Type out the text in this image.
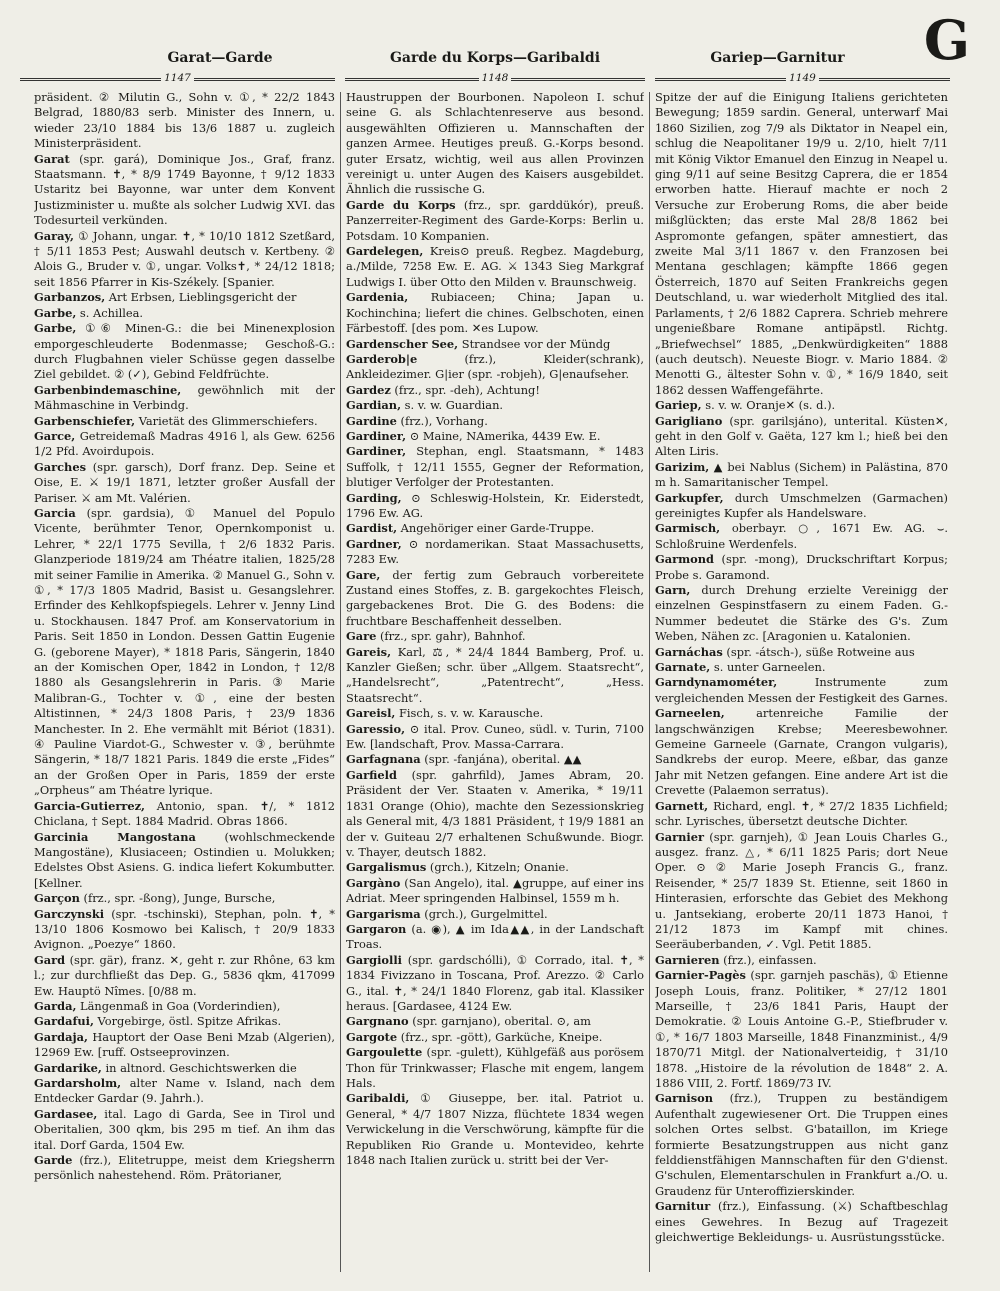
Garat—Garde	Garde du Korps—Garibaldi	Gariep—Garnitur
1147	1148	1149
G

präsident. ② Milutin G., Sohn v. ①, * 22/2 1843 Belgrad, 1880/83 serb. Minister des Innern, u. wieder 23/10 1884 bis 13/6 1887 u. zugleich Ministerpräsident.

Garat (spr. gará), Dominique Jos., Graf, franz. Staatsmann. ✝, * 8/9 1749 Bayonne, † 9/12 1833 Ustaritz bei Bayonne, war unter dem Konvent Justizminister u. mußte als solcher Ludwig XVI. das Todesurteil verkünden.

Garay, ① Johann, ungar. ✝, * 10/10 1812 Szetßard, † 5/11 1853 Pest; Auswahl deutsch v. Kertbeny. ② Alois G., Bruder v. ①, ungar. Volks✝, * 24/12 1818; seit 1856 Pfarrer in Kis-Székely. [Spanier.

Garbanzos, Art Erbsen, Lieblingsgericht der

Garbe, s. Achillea.

Garbe, ①⑥ Minen-G.: die bei Minenexplosion emporgeschleuderte Bodenmasse; Geschoß-G.: durch Flugbahnen vieler Schüsse gegen dasselbe Ziel gebildet. ② (✓), Gebind Feldfrüchte.

Garbenbindemaschine, gewöhnlich mit der Mähmaschine in Verbindg.

Garbenschiefer, Varietät des Glimmerschiefers.

Garce, Getreidemaß Madras 4916 l, als Gew. 6256 1/2 Pfd. Avoirdupois.

Garches (spr. garsch), Dorf franz. Dep. Seine et Oise, E. ⚔ 19/1 1871, letzter großer Ausfall der Pariser. ⚔ am Mt. Valérien.

Garcia (spr. gardsia), ① Manuel del Populo Vicente, berühmter Tenor, Opernkomponist u. Lehrer, * 22/1 1775 Sevilla, † 2/6 1832 Paris. Glanzperiode 1819/24 am Théatre italien, 1825/28 mit seiner Familie in Amerika. ② Manuel G., Sohn v. ①, * 17/3 1805 Madrid, Basist u. Gesangslehrer. Erfinder des Kehlkopfspiegels. Lehrer v. Jenny Lind u. Stockhausen. 1847 Prof. am Konservatorium in Paris. Seit 1850 in London. Dessen Gattin Eugenie G. (geborene Mayer), * 1818 Paris, Sängerin, 1840 an der Komischen Oper, 1842 in London, † 12/8 1880 als Gesangslehrerin in Paris. ③ Marie Malibran-G., Tochter v. ①, eine der besten Altistinnen, * 24/3 1808 Paris, † 23/9 1836 Manchester. In 2. Ehe vermählt mit Bériot (1831). ④ Pauline Viardot-G., Schwester v. ③, berühmte Sängerin, * 18/7 1821 Paris. 1849 die erste „Fides“ an der Großen Oper in Paris, 1859 der erste „Orpheus“ am Théatre lyrique.

Garcia-Gutierrez, Antonio, span. ✝/, * 1812 Chiclana, † Sept. 1884 Madrid. Obras 1866.

Garcinia Mangostana (wohlschmeckende Mangostäne), Klusiaceen; Ostindien u. Molukken; Edelstes Obst Asiens. G. indica liefert Kokumbutter. [Kellner.

Garçon (frz., spr. -ßong), Junge, Bursche,

Garczynski (spr. -tschinski), Stephan, poln. ✝, * 13/10 1806 Kosmowo bei Kalisch, † 20/9 1833 Avignon. „Poezye“ 1860.

Gard (spr. gär), franz. ✕, geht r. zur Rhône, 63 km l.; zur durchfließt das Dep. G., 5836 qkm, 417099 Ew. Hauptö Nîmes. [0/88 m.

Garda, Längenmaß in Goa (Vorderindien),

Gardafui, Vorgebirge, östl. Spitze Afrikas.

Gardaja, Hauptort der Oase Beni Mzab (Algerien), 12969 Ew. [ruff. Ostseeprovinzen.

Gardarike, in altnord. Geschichtswerken die

Gardarsholm, alter Name v. Island, nach dem Entdecker Gardar (9. Jahrh.).

Gardasee, ital. Lago di Garda, See in Tirol und Oberitalien, 300 qkm, bis 295 m tief. An ihm das ital. Dorf Garda, 1504 Ew.

Garde (frz.), Elitetruppe, meist dem Kriegsherrn persönlich nahestehend. Röm. Prätorianer,

Haustruppen der Bourbonen. Napoleon I. schuf seine G. als Schlachtenreserve aus besond. ausgewählten Offizieren u. Mannschaften der ganzen Armee. Heutiges preuß. G.-Korps besond. guter Ersatz, wichtig, weil aus allen Provinzen vereinigt u. unter Augen des Kaisers ausgebildet. Ähnlich die russische G.

Garde du Korps (frz., spr. garddükór), preuß. Panzerreiter-Regiment des Garde-Korps: Berlin u. Potsdam. 10 Kompanien.

Gardelegen, Kreis⊙ preuß. Regbez. Magdeburg, a./Milde, 7258 Ew. E. AG. ⚔ 1343 Sieg Markgraf Ludwigs I. über Otto den Milden v. Braunschweig.

Gardenia, Rubiaceen; China; Japan u. Kochinchina; liefert die chines. Gelbschoten, einen Färbestoff. [des pom. ✕es Lupow.

Gardenscher See, Strandsee vor der Mündg

Garderob|e (frz.), Kleider(schrank), Ankleidezimer. G|ier (spr. -robjeh), G|enaufseher.

Gardez (frz., spr. -deh), Achtung!

Gardian, s. v. w. Guardian.

Gardine (frz.), Vorhang.

Gardiner, ⊙ Maine, NAmerika, 4439 Ew. E.

Gardiner, Stephan, engl. Staatsmann, * 1483 Suffolk, † 12/11 1555, Gegner der Reformation, blutiger Verfolger der Protestanten.

Garding, ⊙ Schleswig-Holstein, Kr. Eiderstedt, 1796 Ew. AG.

Gardist, Angehöriger einer Garde-Truppe.

Gardner, ⊙ nordamerikan. Staat Massachusetts, 7283 Ew.

Gare, der fertig zum Gebrauch vorbereitete Zustand eines Stoffes, z. B. gargekochtes Fleisch, gargebackenes Brot. Die G. des Bodens: die fruchtbare Beschaffenheit desselben.

Gare (frz., spr. gahr), Bahnhof.

Gareis, Karl, ⚖, * 24/4 1844 Bamberg, Prof. u. Kanzler Gießen; schr. über „Allgem. Staatsrecht“, „Handelsrecht“, „Patentrecht“, „Hess. Staatsrecht“.

Gareisl, Fisch, s. v. w. Karausche.

Garessio, ⊙ ital. Prov. Cuneo, südl. v. Turin, 7100 Ew. [landschaft, Prov. Massa-Carrara.

Garfagnana (spr. -fanjána), oberital. ▲▲

Garfield (spr. gahrfild), James Abram, 20. Präsident der Ver. Staaten v. Amerika, * 19/11 1831 Orange (Ohio), machte den Sezessionskrieg als General mit, 4/3 1881 Präsident, † 19/9 1881 an der v. Guiteau 2/7 erhaltenen Schußwunde. Biogr. v. Thayer, deutsch 1882.

Gargalismus (grch.), Kitzeln; Onanie.

Gargàno (San Angelo), ital. ▲gruppe, auf einer ins Adriat. Meer springenden Halbinsel, 1559 m h.

Gargarisma (grch.), Gurgelmittel.

Gargaron (a. ◉), ▲ im Ida▲▲, in der Landschaft Troas.

Gargiolli (spr. gardschólli), ① Corrado, ital. ✝, * 1834 Fivizzano in Toscana, Prof. Arezzo. ② Carlo G., ital. ✝, * 24/1 1840 Florenz, gab ital. Klassiker heraus. [Gardasee, 4124 Ew.

Gargnano (spr. garnjano), oberital. ⊙, am

Gargote (frz., spr. -gött), Garküche, Kneipe.

Gargoulette (spr. -gulett), Kühlgefäß aus porösem Thon für Trinkwasser; Flasche mit engem, langem Hals.

Garibaldi, ① Giuseppe, ber. ital. Patriot u. General, * 4/7 1807 Nizza, flüchtete 1834 wegen Verwickelung in die Verschwörung, kämpfte für die Republiken Rio Grande u. Montevideo, kehrte 1848 nach Italien zurück u. stritt bei der Ver-

Spitze der auf die Einigung Italiens gerichteten Bewegung; 1859 sardin. General, unterwarf Mai 1860 Sizilien, zog 7/9 als Diktator in Neapel ein, schlug die Neapolitaner 19/9 u. 2/10, hielt 7/11 mit König Viktor Emanuel den Einzug in Neapel u. ging 9/11 auf seine Besitzg Caprera, die er 1854 erworben hatte. Hierauf machte er noch 2 Versuche zur Eroberung Roms, die aber beide mißglückten; das erste Mal 28/8 1862 bei Aspromonte gefangen, später amnestiert, das zweite Mal 3/11 1867 v. den Franzosen bei Mentana geschlagen; kämpfte 1866 gegen Österreich, 1870 auf Seiten Frankreichs gegen Deutschland, u. war wiederholt Mitglied des ital. Parlaments, † 2/6 1882 Caprera. Schrieb mehrere ungenießbare Romane antipäpstl. Richtg. „Briefwechsel“ 1885, „Denkwürdigkeiten“ 1888 (auch deutsch). Neueste Biogr. v. Mario 1884. ② Menotti G., ältester Sohn v. ①, * 16/9 1840, seit 1862 dessen Waffengefährte.

Gariep, s. v. w. Oranje✕ (s. d.).

Garigliano (spr. garilsjáno), unterital. Küsten✕, geht in den Golf v. Gaëta, 127 km l.; hieß bei den Alten Liris.

Garizim, ▲ bei Nablus (Sichem) in Palästina, 870 m h. Samaritanischer Tempel.

Garkupfer, durch Umschmelzen (Garmachen) gereinigtes Kupfer als Handelsware.

Garmisch, oberbayr. ○, 1671 Ew. AG. ⌣. Schloßruine Werdenfels.

Garmond (spr. -mong), Druckschriftart Korpus; Probe s. Garamond.

Garn, durch Drehung erzielte Vereinigg der einzelnen Gespinstfasern zu einem Faden. G.-Nummer bedeutet die Stärke des G's. Zum Weben, Nähen zc. [Aragonien u. Katalonien.

Garnáchas (spr. -átsch-), süße Rotweine aus

Garnate, s. unter Garneelen.

Garndynamométer, Instrumente zum vergleichenden Messen der Festigkeit des Garnes.

Garneelen, artenreiche Familie der langschwänzigen Krebse; Meeresbewohner. Gemeine Garneele (Garnate, Crangon vulgaris), Sandkrebs der europ. Meere, eßbar, das ganze Jahr mit Netzen gefangen. Eine andere Art ist die Crevette (Palaemon serratus).

Garnett, Richard, engl. ✝, * 27/2 1835 Lichfield; schr. Lyrisches, übersetzt deutsche Dichter.

Garnier (spr. garnjeh), ① Jean Louis Charles G., ausgez. franz. △, * 6/11 1825 Paris; dort Neue Oper. ⊙ ② Marie Joseph Francis G., franz. Reisender, * 25/7 1839 St. Etienne, seit 1860 in Hinterasien, erforschte das Gebiet des Mekhong u. Jantsekiang, eroberte 20/11 1873 Hanoi, † 21/12 1873 im Kampf mit chines. Seeräuberbanden, ✓. Vgl. Petit 1885.

Garnieren (frz.), einfassen.

Garnier-Pagès (spr. garnjeh paschäs), ① Etienne Joseph Louis, franz. Politiker, * 27/12 1801 Marseille, † 23/6 1841 Paris, Haupt der Demokratie. ② Louis Antoine G.-P., Stiefbruder v. ①, * 16/7 1803 Marseille, 1848 Finanzminist., 4/9 1870/71 Mitgl. der Nationalverteidig, † 31/10 1878. „Histoire de la révolution de 1848“ 2. A. 1886 VIII, 2. Fortf. 1869/73 IV.

Garnison (frz.), Truppen zu beständigem Aufenthalt zugewiesener Ort. Die Truppen eines solchen Ortes selbst. G'bataillon, im Kriege formierte Besatzungstruppen aus nicht ganz felddienstfähigen Mannschaften für den G'dienst. G'schulen, Elementarschulen in Frankfurt a./O. u. Graudenz für Unteroffizierskinder.

Garnitur (frz.), Einfassung. (⚔) Schaftbeschlag eines Gewehres. In Bezug auf Tragezeit gleichwertige Bekleidungs- u. Ausrüstungsstücke.
